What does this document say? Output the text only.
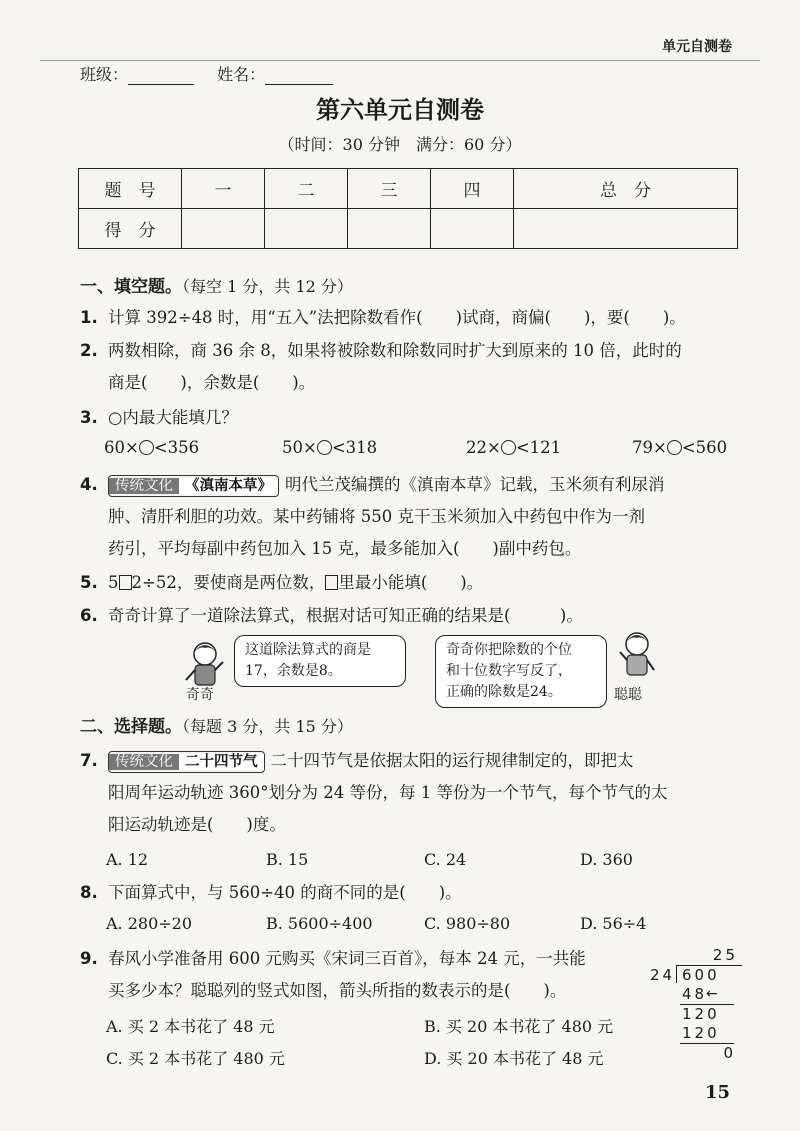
单元自测卷
班级：	姓名：
第六单元自测卷
（时间：30 分钟　满分：60 分）
题　号	一	二	三	四	总　分
得　分					
一、填空题。（每空 1 分，共 12 分）
1. 计算 392÷48 时，用“五入”法把除数看作(　　)试商，商偏(　　)，要(　　)。
2. 两数相除，商 36 余 8，如果将被除数和除数同时扩大到原来的 10 倍，此时的
商是(　　)，余数是(　　)。
3. ○内最大能填几？
60× <356	50× <318	22× <121	79× <560
4.	传统文化 《滇南本草》 明代兰茂编撰的《滇南本草》记载，玉米须有利尿消
肿、清肝利胆的功效。某中药铺将 550 克干玉米须加入中药包中作为一剂
药引，平均每副中药包加入 15 克，最多能加入(　　)副中药包。
5. 5 2÷52，要使商是两位数， 里最小能填(　　)。
6. 奇奇计算了一道除法算式，根据对话可知正确的结果是(　　　)。
奇奇
这道除法算式的商是
17，余数是8。
奇奇你把除数的个位
和十位数字写反了，
正确的除数是24。	聪聪
二、选择题。（每题 3 分，共 15 分）
7.	传统文化 二十四节气 二十四节气是依据太阳的运行规律制定的，即把太
阳周年运动轨迹 360°划分为 24 等份，每 1 等份为一个节气，每个节气的太
阳运动轨迹是(　　)度。
A. 12	B. 15	C. 24	D. 360
8. 下面算式中，与 560÷40 的商不同的是(　　)。
A. 280÷20	B. 5600÷400	C. 980÷80	D. 56÷4
9. 春风小学准备用 600 元购买《宋词三百首》，每本 24 元，一共能
买多少本？聪聪列的竖式如图，箭头所指的数表示的是(　　)。
A. 买 2 本书花了 48 元	B. 买 20 本书花了 480 元
C. 买 2 本书花了 480 元	D. 买 20 本书花了 48 元
25
24 600
48
←
120
120
0
15
